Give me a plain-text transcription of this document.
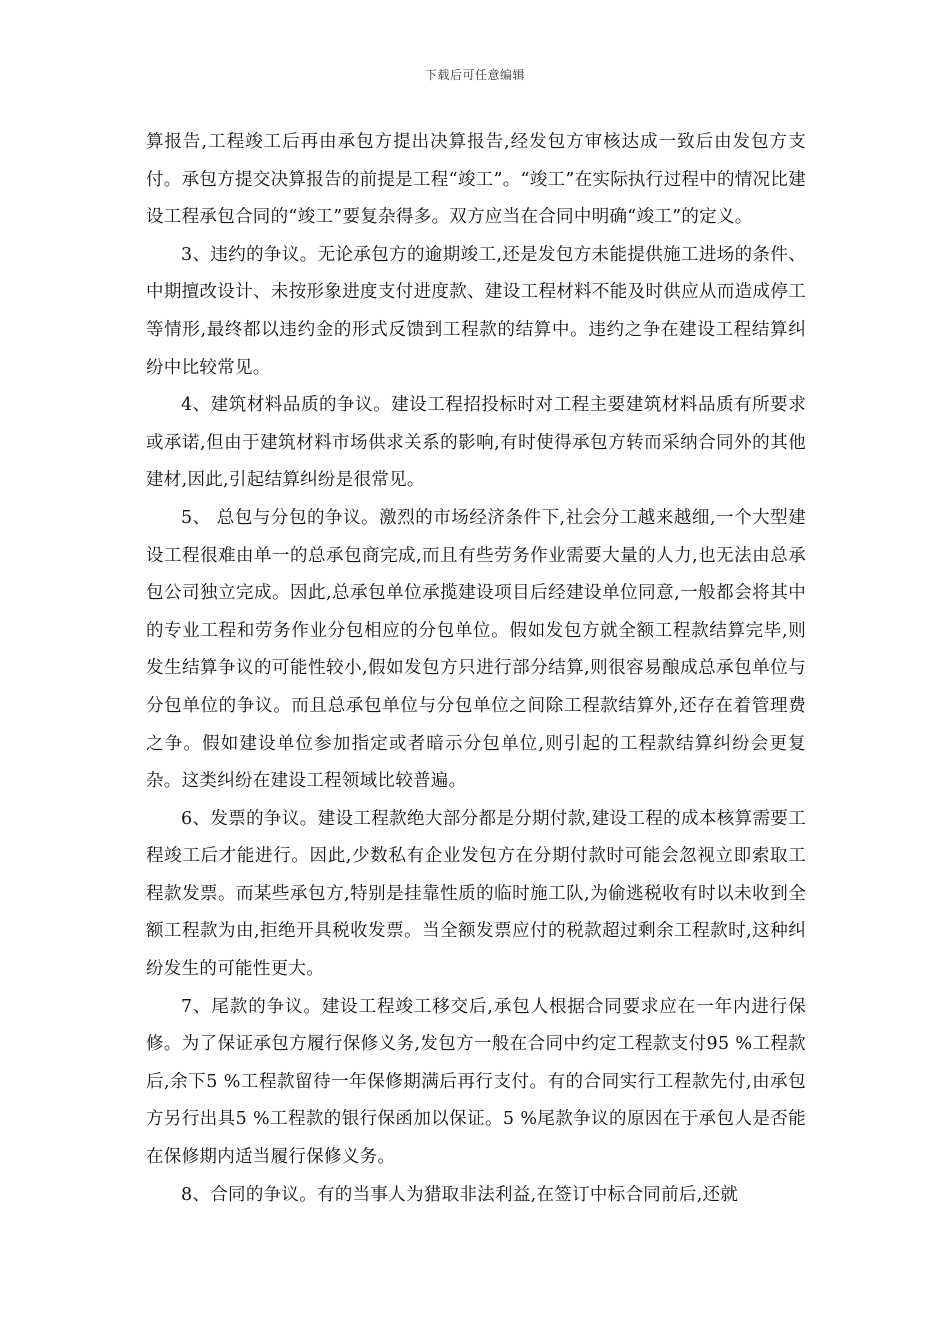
下载后可任意编辑

算报告,工程竣工后再由承包方提出决算报告,经发包方审核达成一致后由发包方支付。承包方提交决算报告的前提是工程“竣工”。“竣工”在实际执行过程中的情况比建设工程承包合同的“竣工”要复杂得多。双方应当在合同中明确“竣工”的定义。

3、违约的争议。无论承包方的逾期竣工,还是发包方未能提供施工进场的条件、中期擅改设计、未按形象进度支付进度款、建设工程材料不能及时供应从而造成停工等情形,最终都以违约金的形式反馈到工程款的结算中。违约之争在建设工程结算纠纷中比较常见。

4、建筑材料品质的争议。建设工程招投标时对工程主要建筑材料品质有所要求或承诺,但由于建筑材料市场供求关系的影响,有时使得承包方转而采纳合同外的其他建材,因此,引起结算纠纷是很常见。

5、 总包与分包的争议。激烈的市场经济条件下,社会分工越来越细,一个大型建设工程很难由单一的总承包商完成,而且有些劳务作业需要大量的人力,也无法由总承包公司独立完成。因此,总承包单位承揽建设项目后经建设单位同意,一般都会将其中的专业工程和劳务作业分包相应的分包单位。假如发包方就全额工程款结算完毕,则发生结算争议的可能性较小,假如发包方只进行部分结算,则很容易酿成总承包单位与分包单位的争议。而且总承包单位与分包单位之间除工程款结算外,还存在着管理费之争。假如建设单位参加指定或者暗示分包单位,则引起的工程款结算纠纷会更复杂。这类纠纷在建设工程领域比较普遍。

6、发票的争议。建设工程款绝大部分都是分期付款,建设工程的成本核算需要工程竣工后才能进行。因此,少数私有企业发包方在分期付款时可能会忽视立即索取工程款发票。而某些承包方,特别是挂靠性质的临时施工队,为偷逃税收有时以未收到全额工程款为由,拒绝开具税收发票。当全额发票应付的税款超过剩余工程款时,这种纠纷发生的可能性更大。

7、尾款的争议。建设工程竣工移交后,承包人根据合同要求应在一年内进行保修。为了保证承包方履行保修义务,发包方一般在合同中约定工程款支付95 %工程款后,余下5 %工程款留待一年保修期满后再行支付。有的合同实行工程款先付,由承包方另行出具5 %工程款的银行保函加以保证。5 %尾款争议的原因在于承包人是否能在保修期内适当履行保修义务。

8、合同的争议。有的当事人为猎取非法利益,在签订中标合同前后,还就
